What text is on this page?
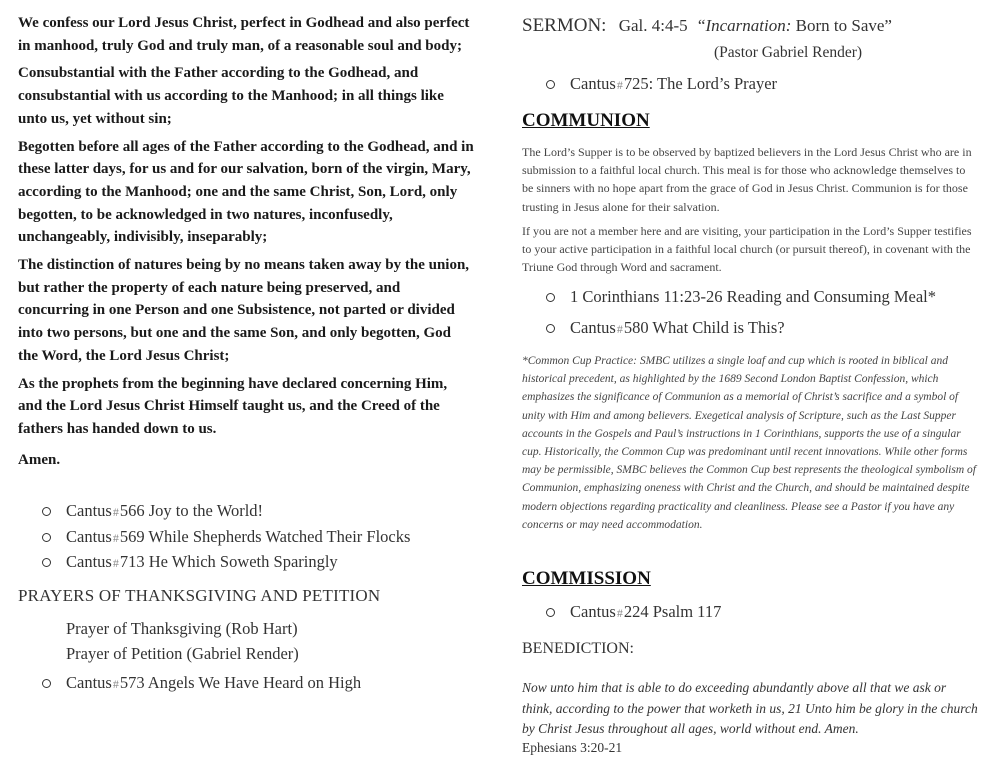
We confess our Lord Jesus Christ, perfect in Godhead and also perfect in manhood, truly God and truly man, of a reasonable soul and body;

Consubstantial with the Father according to the Godhead, and consubstantial with us according to the Manhood; in all things like unto us, yet without sin;

Begotten before all ages of the Father according to the Godhead, and in these latter days, for us and for our salvation, born of the virgin, Mary, according to the Manhood; one and the same Christ, Son, Lord, only begotten, to be acknowledged in two natures, inconfusedly, unchangeably, indivisibly, inseparably;

The distinction of natures being by no means taken away by the union, but rather the property of each nature being preserved, and concurring in one Person and one Subsistence, not parted or divided into two persons, but one and the same Son, and only begotten, God the Word, the Lord Jesus Christ;

As the prophets from the beginning have declared concerning Him, and the Lord Jesus Christ Himself taught us, and the Creed of the fathers has handed down to us.

Amen.

Cantus#566 Joy to the World!
Cantus#569 While Shepherds Watched Their Flocks
Cantus#713 He Which Soweth Sparingly
PRAYERS OF THANKSGIVING AND PETITION
Prayer of Thanksgiving (Rob Hart)
Prayer of Petition (Gabriel Render)
Cantus#573 Angels We Have Heard on High
SERMON: Gal. 4:4-5 “Incarnation: Born to Save”
(Pastor Gabriel Render)
Cantus#725: The Lord’s Prayer
COMMUNION

The Lord’s Supper is to be observed by baptized believers in the Lord Jesus Christ who are in submission to a faithful local church. This meal is for those who acknowledge themselves to be sinners with no hope apart from the grace of God in Jesus Christ. Communion is for those trusting in Jesus alone for their salvation.

If you are not a member here and are visiting, your participation in the Lord’s Supper testifies to your active participation in a faithful local church (or pursuit thereof), in covenant with the Triune God through Word and sacrament.

1 Corinthians 11:23-26 Reading and Consuming Meal*
Cantus#580 What Child is This?

*Common Cup Practice: SMBC utilizes a single loaf and cup which is rooted in biblical and historical precedent, as highlighted by the 1689 Second London Baptist Confession, which emphasizes the significance of Communion as a memorial of Christ’s sacrifice and a symbol of unity with Him and among believers. Exegetical analysis of Scripture, such as the Last Supper accounts in the Gospels and Paul’s instructions in 1 Corinthians, supports the use of a singular cup. Historically, the Common Cup was predominant until recent innovations. While other forms may be permissible, SMBC believes the Common Cup best represents the theological symbolism of Communion, emphasizing oneness with Christ and the Church, and should be maintained despite modern objections regarding practicality and cleanliness. Please see a Pastor if you have any concerns or may need accommodation.

COMMISSION
Cantus#224 Psalm 117
BENEDICTION:

Now unto him that is able to do exceeding abundantly above all that we ask or think, according to the power that worketh in us, 21 Unto him be glory in the church by Christ Jesus throughout all ages, world without end. Amen.

Ephesians 3:20-21
